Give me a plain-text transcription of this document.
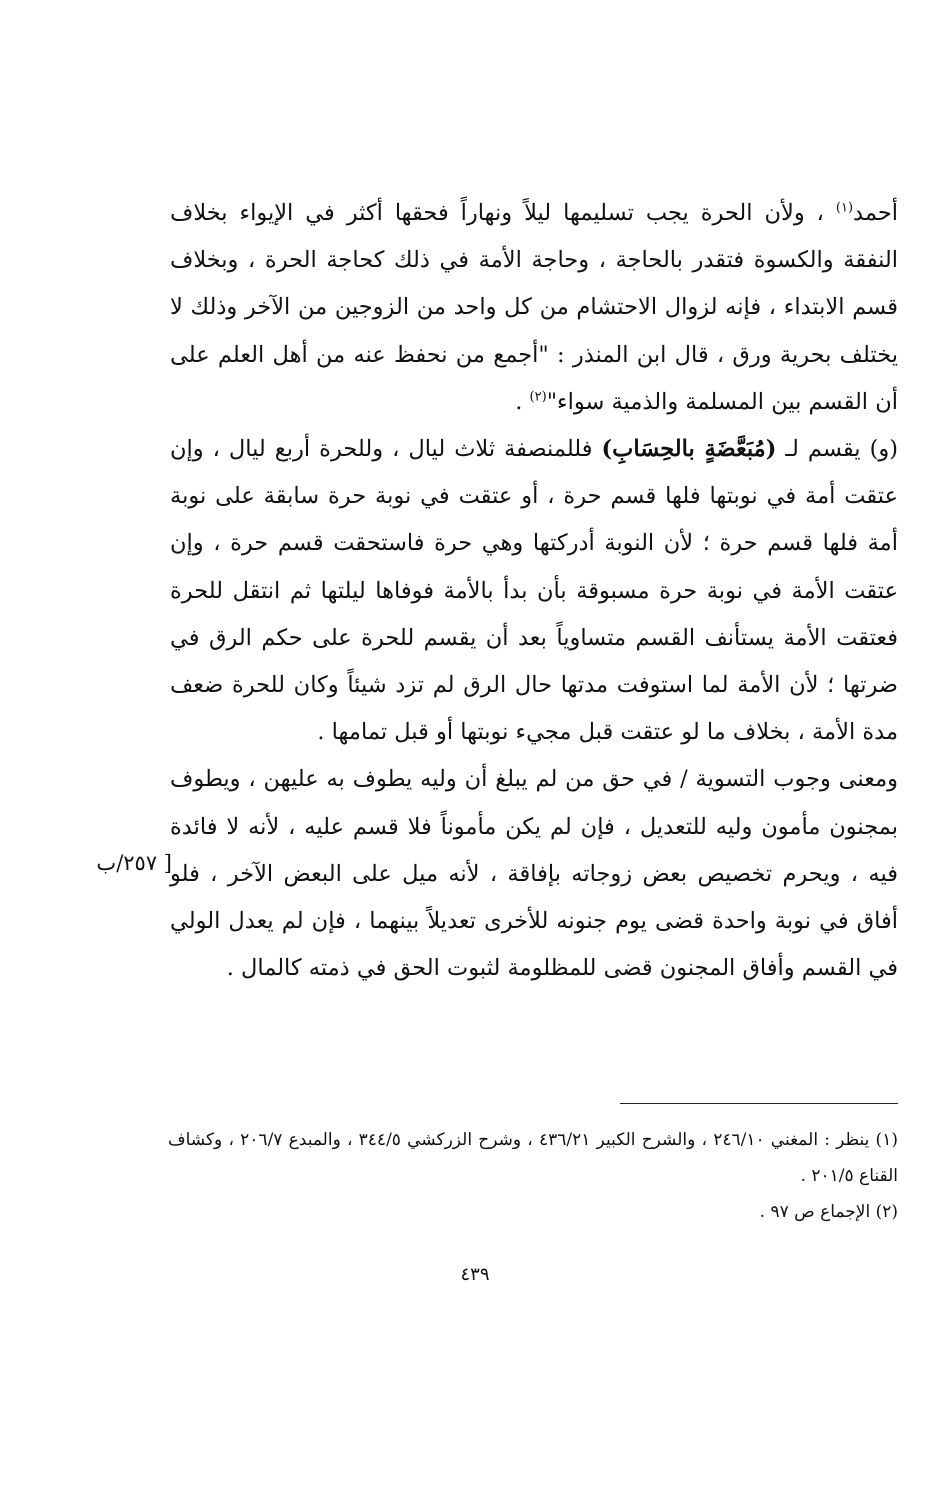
أحمد$^{(١)}$ ، ولأن الحرة يجب تسليمها ليلاً ونهاراً فحقها أكثر في الإيواء بخلاف النفقة والكسوة فتقدر بالحاجة ، وحاجة الأمة في ذلك كحاجة الحرة ، وبخلاف قسم الابتداء ، فإنه لزوال الاحتشام من كل واحد من الزوجين من الآخر وذلك لا يختلف بحرية ورق ، قال ابن المنذر : "أجمع من نحفظ عنه من أهل العلم على أن القسم بين المسلمة والذمية سواء"$^{(٢)}$ .

(و) يقسم لـ (مُبَعَّضَةٍ بالحِسَابِ) فللمنصفة ثلاث ليال ، وللحرة أربع ليال ، وإن عتقت أمة في نوبتها فلها قسم حرة ، أو عتقت في نوبة حرة سابقة على نوبة أمة فلها قسم حرة ؛ لأن النوبة أدركتها وهي حرة فاستحقت قسم حرة ، وإن عتقت الأمة في نوبة حرة مسبوقة بأن بدأ بالأمة فوفاها ليلتها ثم انتقل للحرة فعتقت الأمة يستأنف القسم متساوياً بعد أن يقسم للحرة على حكم الرق في ضرتها ؛ لأن الأمة لما استوفت مدتها حال الرق لم تزد شيئاً وكان للحرة ضعف مدة الأمة ، بخلاف ما لو عتقت قبل مجيء نوبتها أو قبل تمامها .

ومعنى وجوب التسوية / في حق من لم يبلغ أن وليه يطوف به عليهن ، ويطوف بمجنون مأمون وليه للتعديل ، فإن لم يكن مأموناً فلا قسم عليه ، لأنه لا فائدة فيه ، ويحرم تخصيص بعض زوجاته بإفاقة ، لأنه ميل على البعض الآخر ، فلو أفاق في نوبة واحدة قضى يوم جنونه للأخرى تعديلاً بينهما ، فإن لم يعدل الولي في القسم وأفاق المجنون قضى للمظلومة لثبوت الحق في ذمته كالمال .

[ ٢٥٧/ب

(١) ينظر : المغني ٢٤٦/١٠ ، والشرح الكبير ٤٣٦/٢١ ، وشرح الزركشي ٣٤٤/٥ ، والمبدع ٢٠٦/٧ ، وكشاف القناع ٢٠١/٥ .

(٢) الإجماع ص ٩٧ .

٤٣٩
